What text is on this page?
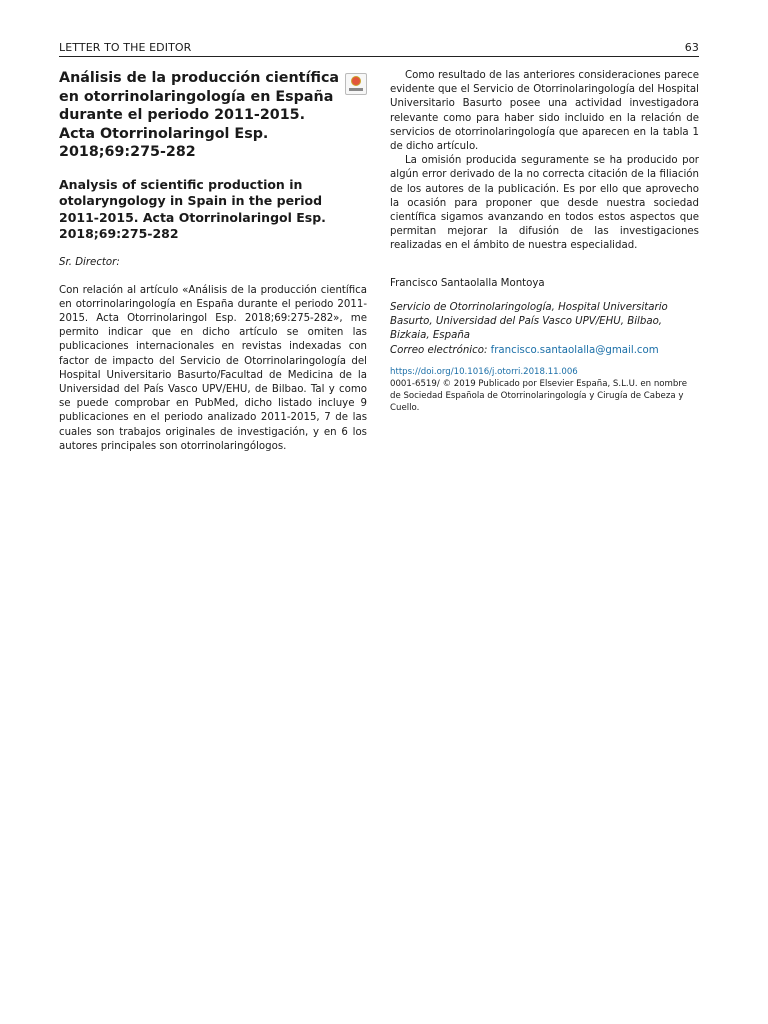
LETTER TO THE EDITOR	63
Análisis de la producción científica en otorrinolaringología en España durante el periodo 2011-2015. Acta Otorrinolaringol Esp. 2018;69:275-282
Analysis of scientific production in otolaryngology in Spain in the period 2011-2015. Acta Otorrinolaringol Esp. 2018;69:275-282
Sr. Director:

Con relación al artículo «Análisis de la producción científica en otorrinolaringología en España durante el periodo 2011-2015. Acta Otorrinolaringol Esp. 2018;69:275-282», me permito indicar que en dicho artículo se omiten las publicaciones internacionales en revistas indexadas con factor de impacto del Servicio de Otorrinolaringología del Hospital Universitario Basurto/Facultad de Medicina de la Universidad del País Vasco UPV/EHU, de Bilbao. Tal y como se puede comprobar en PubMed, dicho listado incluye 9 publicaciones en el periodo analizado 2011-2015, 7 de las cuales son trabajos originales de investigación, y en 6 los autores principales son otorrinolaringólogos.

Como resultado de las anteriores consideraciones parece evidente que el Servicio de Otorrinolaringología del Hospital Universitario Basurto posee una actividad investigadora relevante como para haber sido incluido en la relación de servicios de otorrinolaringología que aparecen en la tabla 1 de dicho artículo.

La omisión producida seguramente se ha producido por algún error derivado de la no correcta citación de la filiación de los autores de la publicación. Es por ello que aprovecho la ocasión para proponer que desde nuestra sociedad científica sigamos avanzando en todos estos aspectos que permitan mejorar la difusión de las investigaciones realizadas en el ámbito de nuestra especialidad.

Francisco Santaolalla Montoya
Servicio de Otorrinolaringología, Hospital Universitario Basurto, Universidad del País Vasco UPV/EHU, Bilbao, Bizkaia, España
Correo electrónico: francisco.santaolalla@gmail.com
https://doi.org/10.1016/j.otorri.2018.11.006
0001-6519/ © 2019 Publicado por Elsevier España, S.L.U. en nombre de Sociedad Española de Otorrinolaringología y Cirugía de Cabeza y Cuello.
